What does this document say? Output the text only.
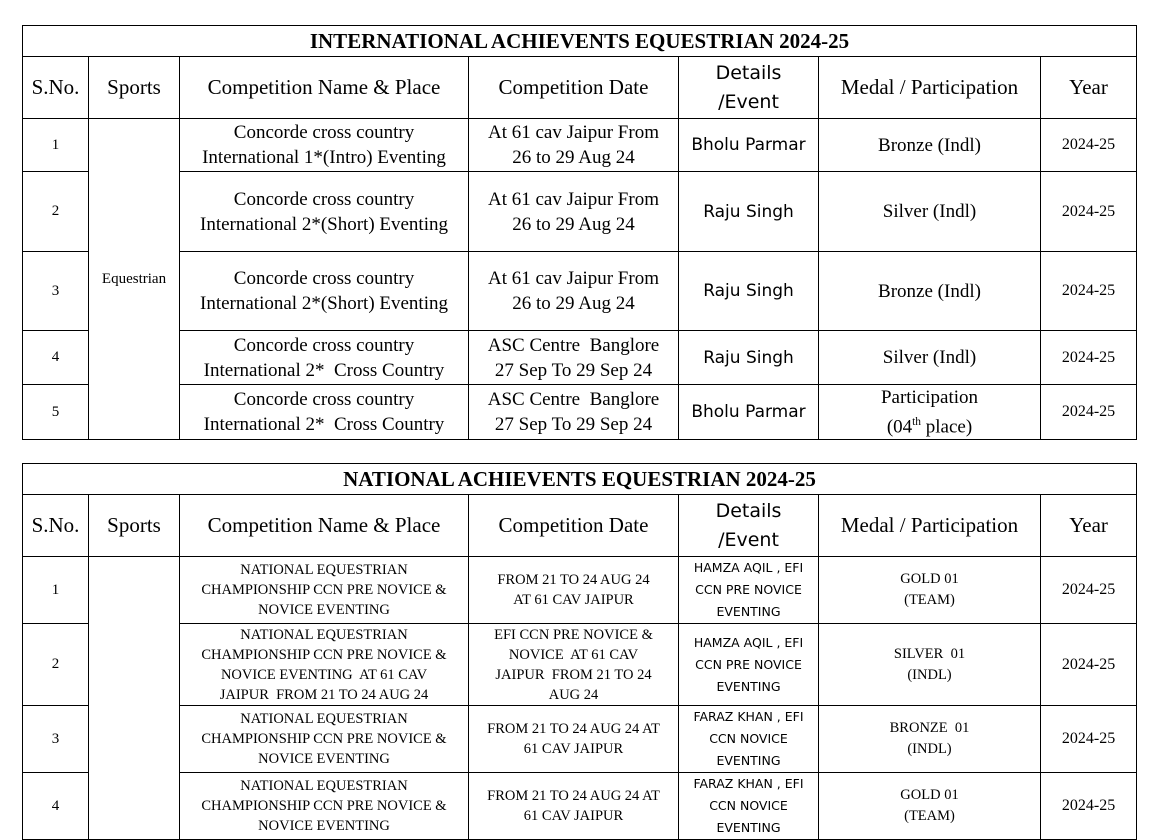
INTERNATIONAL ACHIEVENTS EQUESTRIAN 2024-25						
S.No.	Sports	Competition Name & Place	Competition Date	Details
/Event	Medal / Participation	Year
1	Equestrian	Concorde cross country
International 1*(Intro) Eventing	At 61 cav Jaipur From
26 to 29 Aug 24	Bholu Parmar	Bronze (Indl)	2024-25
2		Concorde cross country
International 2*(Short) Eventing	At 61 cav Jaipur From
26 to 29 Aug 24	Raju Singh	Silver (Indl)	2024-25
3		Concorde cross country
International 2*(Short) Eventing	At 61 cav Jaipur From
26 to 29 Aug 24	Raju Singh	Bronze (Indl)	2024-25
4		Concorde cross country
International 2*  Cross Country	ASC Centre  Banglore
27 Sep To 29 Sep 24	Raju Singh	Silver (Indl)	2024-25
5		Concorde cross country
International 2*  Cross Country	ASC Centre  Banglore
27 Sep To 29 Sep 24	Bholu Parmar	Participation
(04th place)	2024-25
NATIONAL ACHIEVENTS EQUESTRIAN 2024-25						
S.No.	Sports	Competition Name & Place	Competition Date	Details
/Event	Medal / Participation	Year
1		NATIONAL EQUESTRIAN
CHAMPIONSHIP CCN PRE NOVICE &
NOVICE EVENTING	FROM 21 TO 24 AUG 24
AT 61 CAV JAIPUR	HAMZA AQIL , EFI
CCN PRE NOVICE
EVENTING	GOLD 01
(TEAM)	2024-25
2		NATIONAL EQUESTRIAN
CHAMPIONSHIP CCN PRE NOVICE &
NOVICE EVENTING  AT 61 CAV
JAIPUR  FROM 21 TO 24 AUG 24	EFI CCN PRE NOVICE &
NOVICE  AT 61 CAV
JAIPUR  FROM 21 TO 24
AUG 24	HAMZA AQIL , EFI
CCN PRE NOVICE
EVENTING	SILVER  01
(INDL)	2024-25
3		NATIONAL EQUESTRIAN
CHAMPIONSHIP CCN PRE NOVICE &
NOVICE EVENTING	FROM 21 TO 24 AUG 24 AT
61 CAV JAIPUR	FARAZ KHAN , EFI
CCN NOVICE
EVENTING	BRONZE  01
(INDL)	2024-25
4		NATIONAL EQUESTRIAN
CHAMPIONSHIP CCN PRE NOVICE &
NOVICE EVENTING	FROM 21 TO 24 AUG 24 AT
61 CAV JAIPUR	FARAZ KHAN , EFI
CCN NOVICE
EVENTING	GOLD 01
(TEAM)	2024-25
